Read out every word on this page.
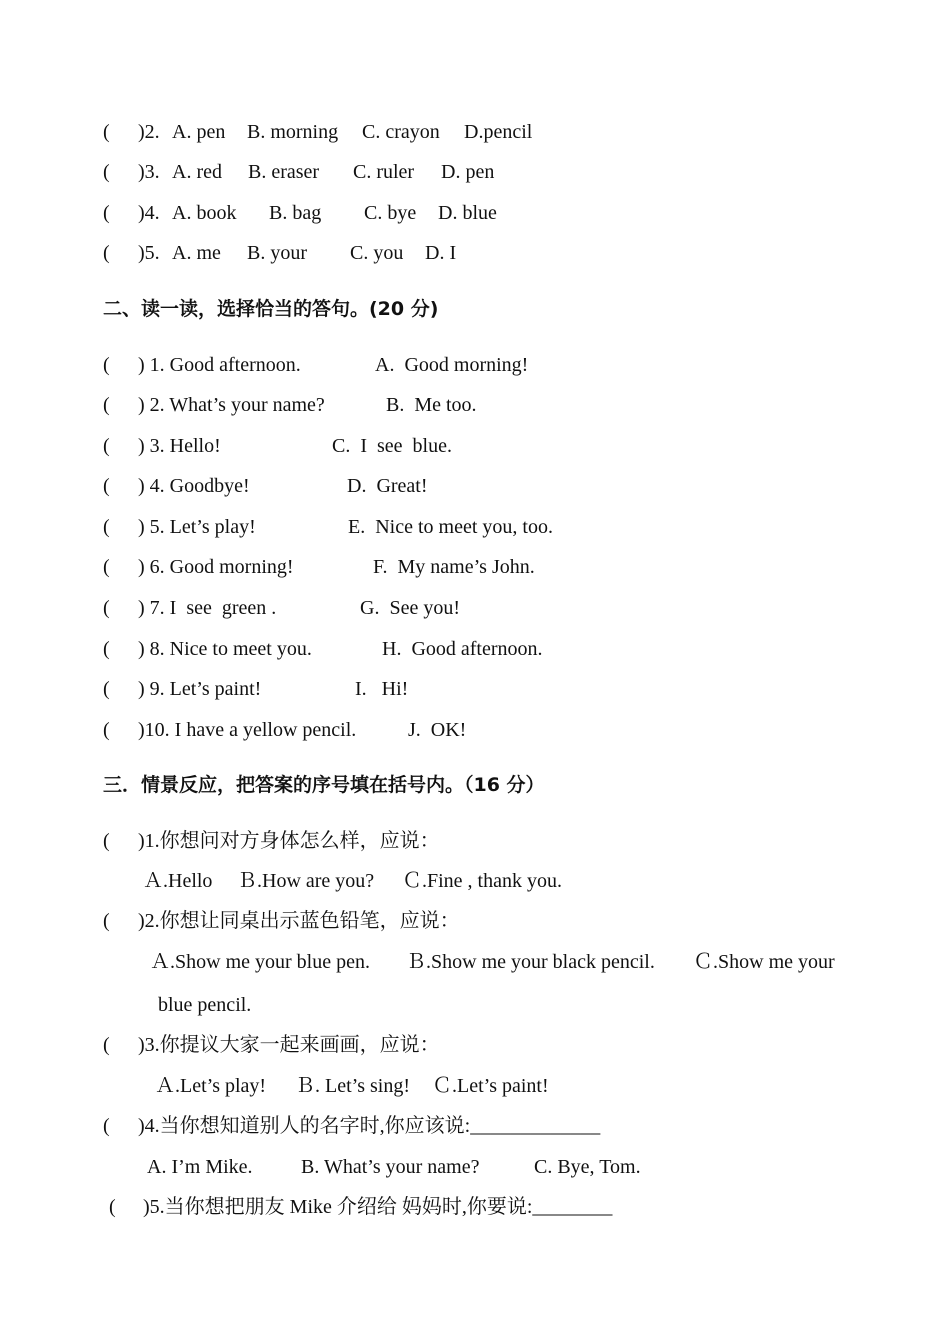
(

)2.

A. pen

B. morning

C. crayon

D.pencil

(

)3.

A. red

B. eraser

C. ruler

D. pen

(

)4.

A. book

B. bag

C. bye

D. blue

(

)5.

A. me

B. your

C. you

D. I

二、读一读，选择恰当的答句。(20 分)

(

) 1. Good afternoon.

	A.  Good morning!

(

) 2. What’s your name?

	B.  Me too.

(

) 3. Hello!

	C.  I  see  blue.

(

) 4. Goodbye!

	D.  Great!

(

) 5. Let’s play!

	E.  Nice to meet you, too.

(

) 6. Good morning!

	F.  My name’s John.

(

) 7. I  see  green .

	G.  See you!

(

) 8. Nice to meet you.

	H.  Good afternoon.

(

) 9. Let’s paint!

	I.   Hi!

(

)10. I have a yellow pencil.

	J.  OK!

三．情景反应，把答案的序号填在括号内。（16 分）

(

)1.你想问对方身体怎么样，应说：

Ａ.Hello

Ｂ.How are you?

Ｃ.Fine , thank you.

(

)2.你想让同桌出示蓝色铅笔，应说：

Ａ.Show me your blue pen.

Ｂ.Show me your black pencil.

Ｃ.Show me your

blue pencil.

(

)3.你提议大家一起来画画，应说：

Ａ.Let’s play!

Ｂ. Let’s sing!

Ｃ.Let’s paint!

(

)4.当你想知道别人的名字时,你应该说:_____________

A. I’m Mike.

B. What’s your name?

	C. Bye, Tom.

(

)5.当你想把朋友 Mike 介绍给 妈妈时,你要说:________
